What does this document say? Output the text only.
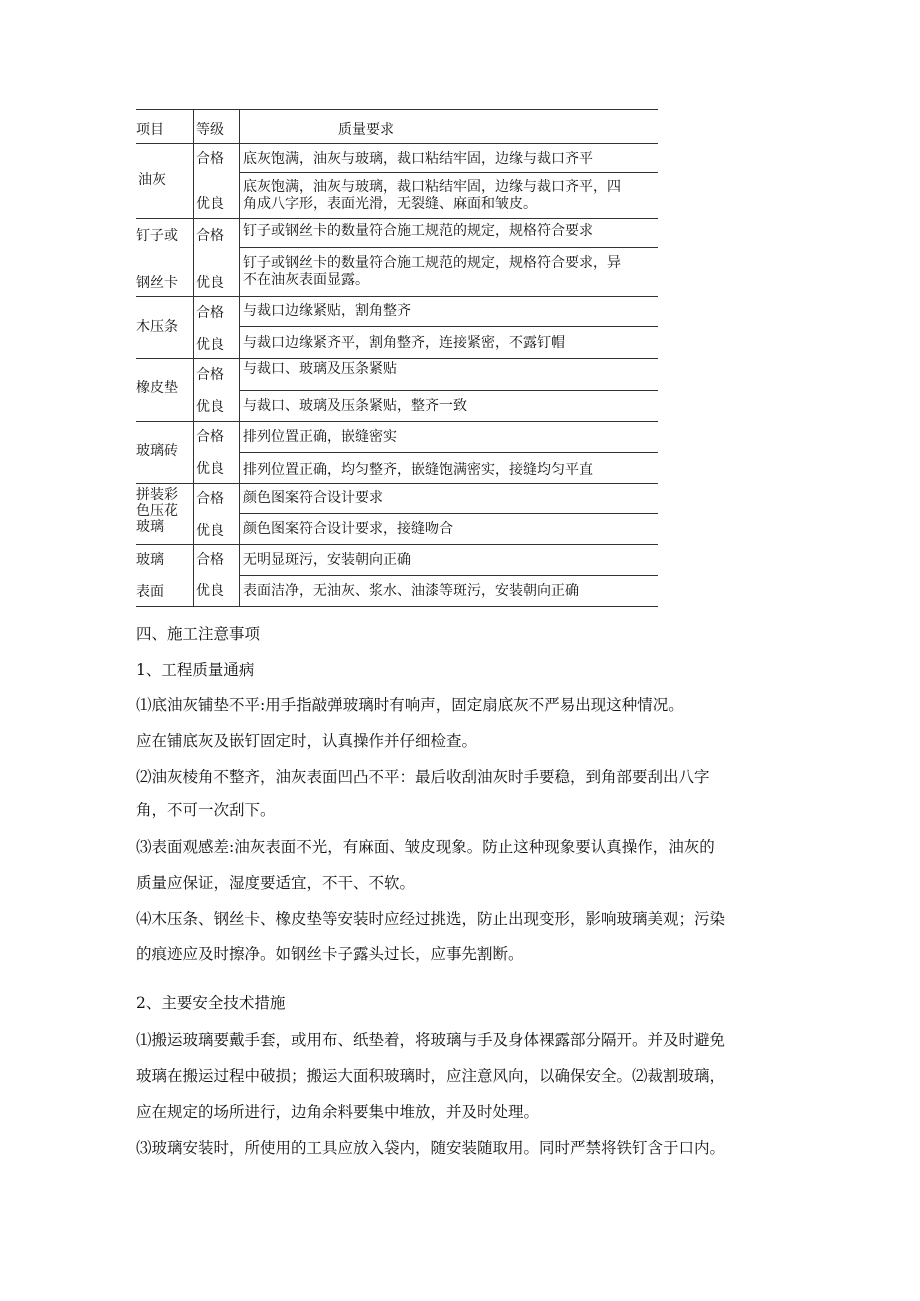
项目 等级	质量要求
油灰
合格 底灰饱满，油灰与玻璃，裁口粘结牢固，边缘与裁口齐平
优良
底灰饱满，油灰与玻璃，裁口粘结牢固，边缘与裁口齐平，四
角成八字形，表面光滑，无裂缝、麻面和皱皮。
钉子或
钢丝卡
合格 钉子或钢丝卡的数量符合施工规范的规定，规格符合要求
优良
钉子或钢丝卡的数量符合施工规范的规定，规格符合要求，异
不在油灰表面显露。
木压条
合格 与裁口边缘紧贴，割角整齐
优良 与裁口边缘紧齐平，割角整齐，连接紧密，不露钉帽
橡皮垫
合格 与裁口、玻璃及压条紧贴
优良 与裁口、玻璃及压条紧贴，整齐一致
玻璃砖
合格 排列位置正确，嵌缝密实
优良 排列位置正确，均匀整齐，嵌缝饱满密实，接缝均匀平直
拼装彩
色压花
玻璃
合格 颜色图案符合设计要求
优良 颜色图案符合设计要求，接缝吻合
玻璃
表面
合格 无明显斑污，安装朝向正确
优良 表面洁净，无油灰、浆水、油漆等斑污，安装朝向正确
四、施工注意事项
1、工程质量通病
⑴底油灰铺垫不平:用手指敲弹玻璃时有响声，固定扇底灰不严易出现这种情况。
应在铺底灰及嵌钉固定时，认真操作并仔细检查。
⑵油灰棱角不整齐，油灰表面凹凸不平：最后收刮油灰时手要稳，到角部要刮出八字
角，不可一次刮下。
⑶表面观感差:油灰表面不光，有麻面、皱皮现象。防止这种现象要认真操作，油灰的
质量应保证，湿度要适宜，不干、不软。
⑷木压条、钢丝卡、橡皮垫等安装时应经过挑选，防止出现变形，影响玻璃美观；污染
的痕迹应及时擦净。如钢丝卡子露头过长，应事先割断。
2、主要安全技术措施
⑴搬运玻璃要戴手套，或用布、纸垫着，将玻璃与手及身体裸露部分隔开。并及时避免
玻璃在搬运过程中破损；搬运大面积玻璃时，应注意风向，以确保安全。⑵裁割玻璃，
应在规定的场所进行，边角余料要集中堆放，并及时处理。
⑶玻璃安装时，所使用的工具应放入袋内，随安装随取用。同时严禁将铁钉含于口内。
